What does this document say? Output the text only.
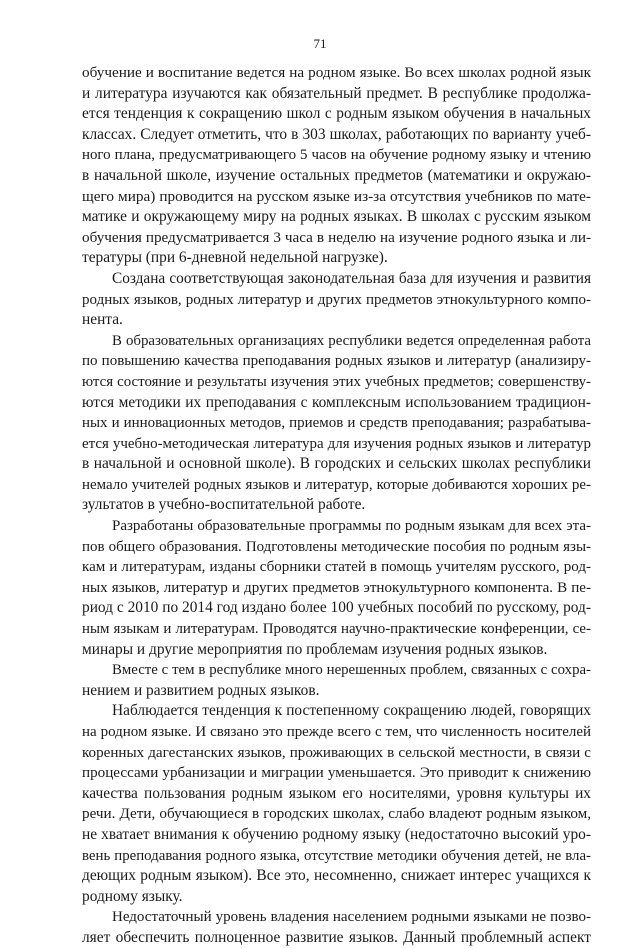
71
обучение и воспитание ведется на родном языке. Во всех школах родной язык
и литература изучаются как обязательный предмет. В республике продолжа-
ется тенденция к сокращению школ с родным языком обучения в начальных
классах. Следует отметить, что в 303 школах, работающих по варианту учеб-
ного плана, предусматривающего 5 часов на обучение родному языку и чтению
в начальной школе, изучение остальных предметов (математики и окружаю-
щего мира) проводится на русском языке из-за отсутствия учебников по мате-
матике и окружающему миру на родных языках. В школах с русским языком
обучения предусматривается 3 часа в неделю на изучение родного языка и ли-
тературы (при 6-дневной недельной нагрузке).
Создана соответствующая законодательная база для изучения и развития
родных языков, родных литератур и других предметов этнокультурного компо-
нента.
В образовательных организациях республики ведется определенная работа
по повышению качества преподавания родных языков и литератур (анализиру-
ются состояние и результаты изучения этих учебных предметов; совершенству-
ются методики их преподавания с комплексным использованием традицион-
ных и инновационных методов, приемов и средств преподавания; разрабатыва-
ется учебно-методическая литература для изучения родных языков и литератур
в начальной и основной школе). В городских и сельских школах республики
немало учителей родных языков и литератур, которые добиваются хороших ре-
зультатов в учебно-воспитательной работе.
Разработаны образовательные программы по родным языкам для всех эта-
пов общего образования. Подготовлены методические пособия по родным язы-
кам и литературам, изданы сборники статей в помощь учителям русского, род-
ных языков, литератур и других предметов этнокультурного компонента. В пе-
риод с 2010 по 2014 год издано более 100 учебных пособий по русскому, род-
ным языкам и литературам. Проводятся научно-практические конференции, се-
минары и другие мероприятия по проблемам изучения родных языков.
Вместе с тем в республике много нерешенных проблем, связанных с сохра-
нением и развитием родных языков.
Наблюдается тенденция к постепенному сокращению людей, говорящих
на родном языке. И связано это прежде всего с тем, что численность носителей
коренных дагестанских языков, проживающих в сельской местности, в связи с
процессами урбанизации и миграции уменьшается. Это приводит к снижению
качества пользования родным языком его носителями, уровня культуры их
речи. Дети, обучающиеся в городских школах, слабо владеют родным языком,
не хватает внимания к обучению родному языку (недостаточно высокий уро-
вень преподавания родного языка, отсутствие методики обучения детей, не вла-
деющих родным языком). Все это, несомненно, снижает интерес учащихся к
родному языку.
Недостаточный уровень владения населением родными языками не позво-
ляет обеспечить полноценное развитие языков. Данный проблемный аспект
